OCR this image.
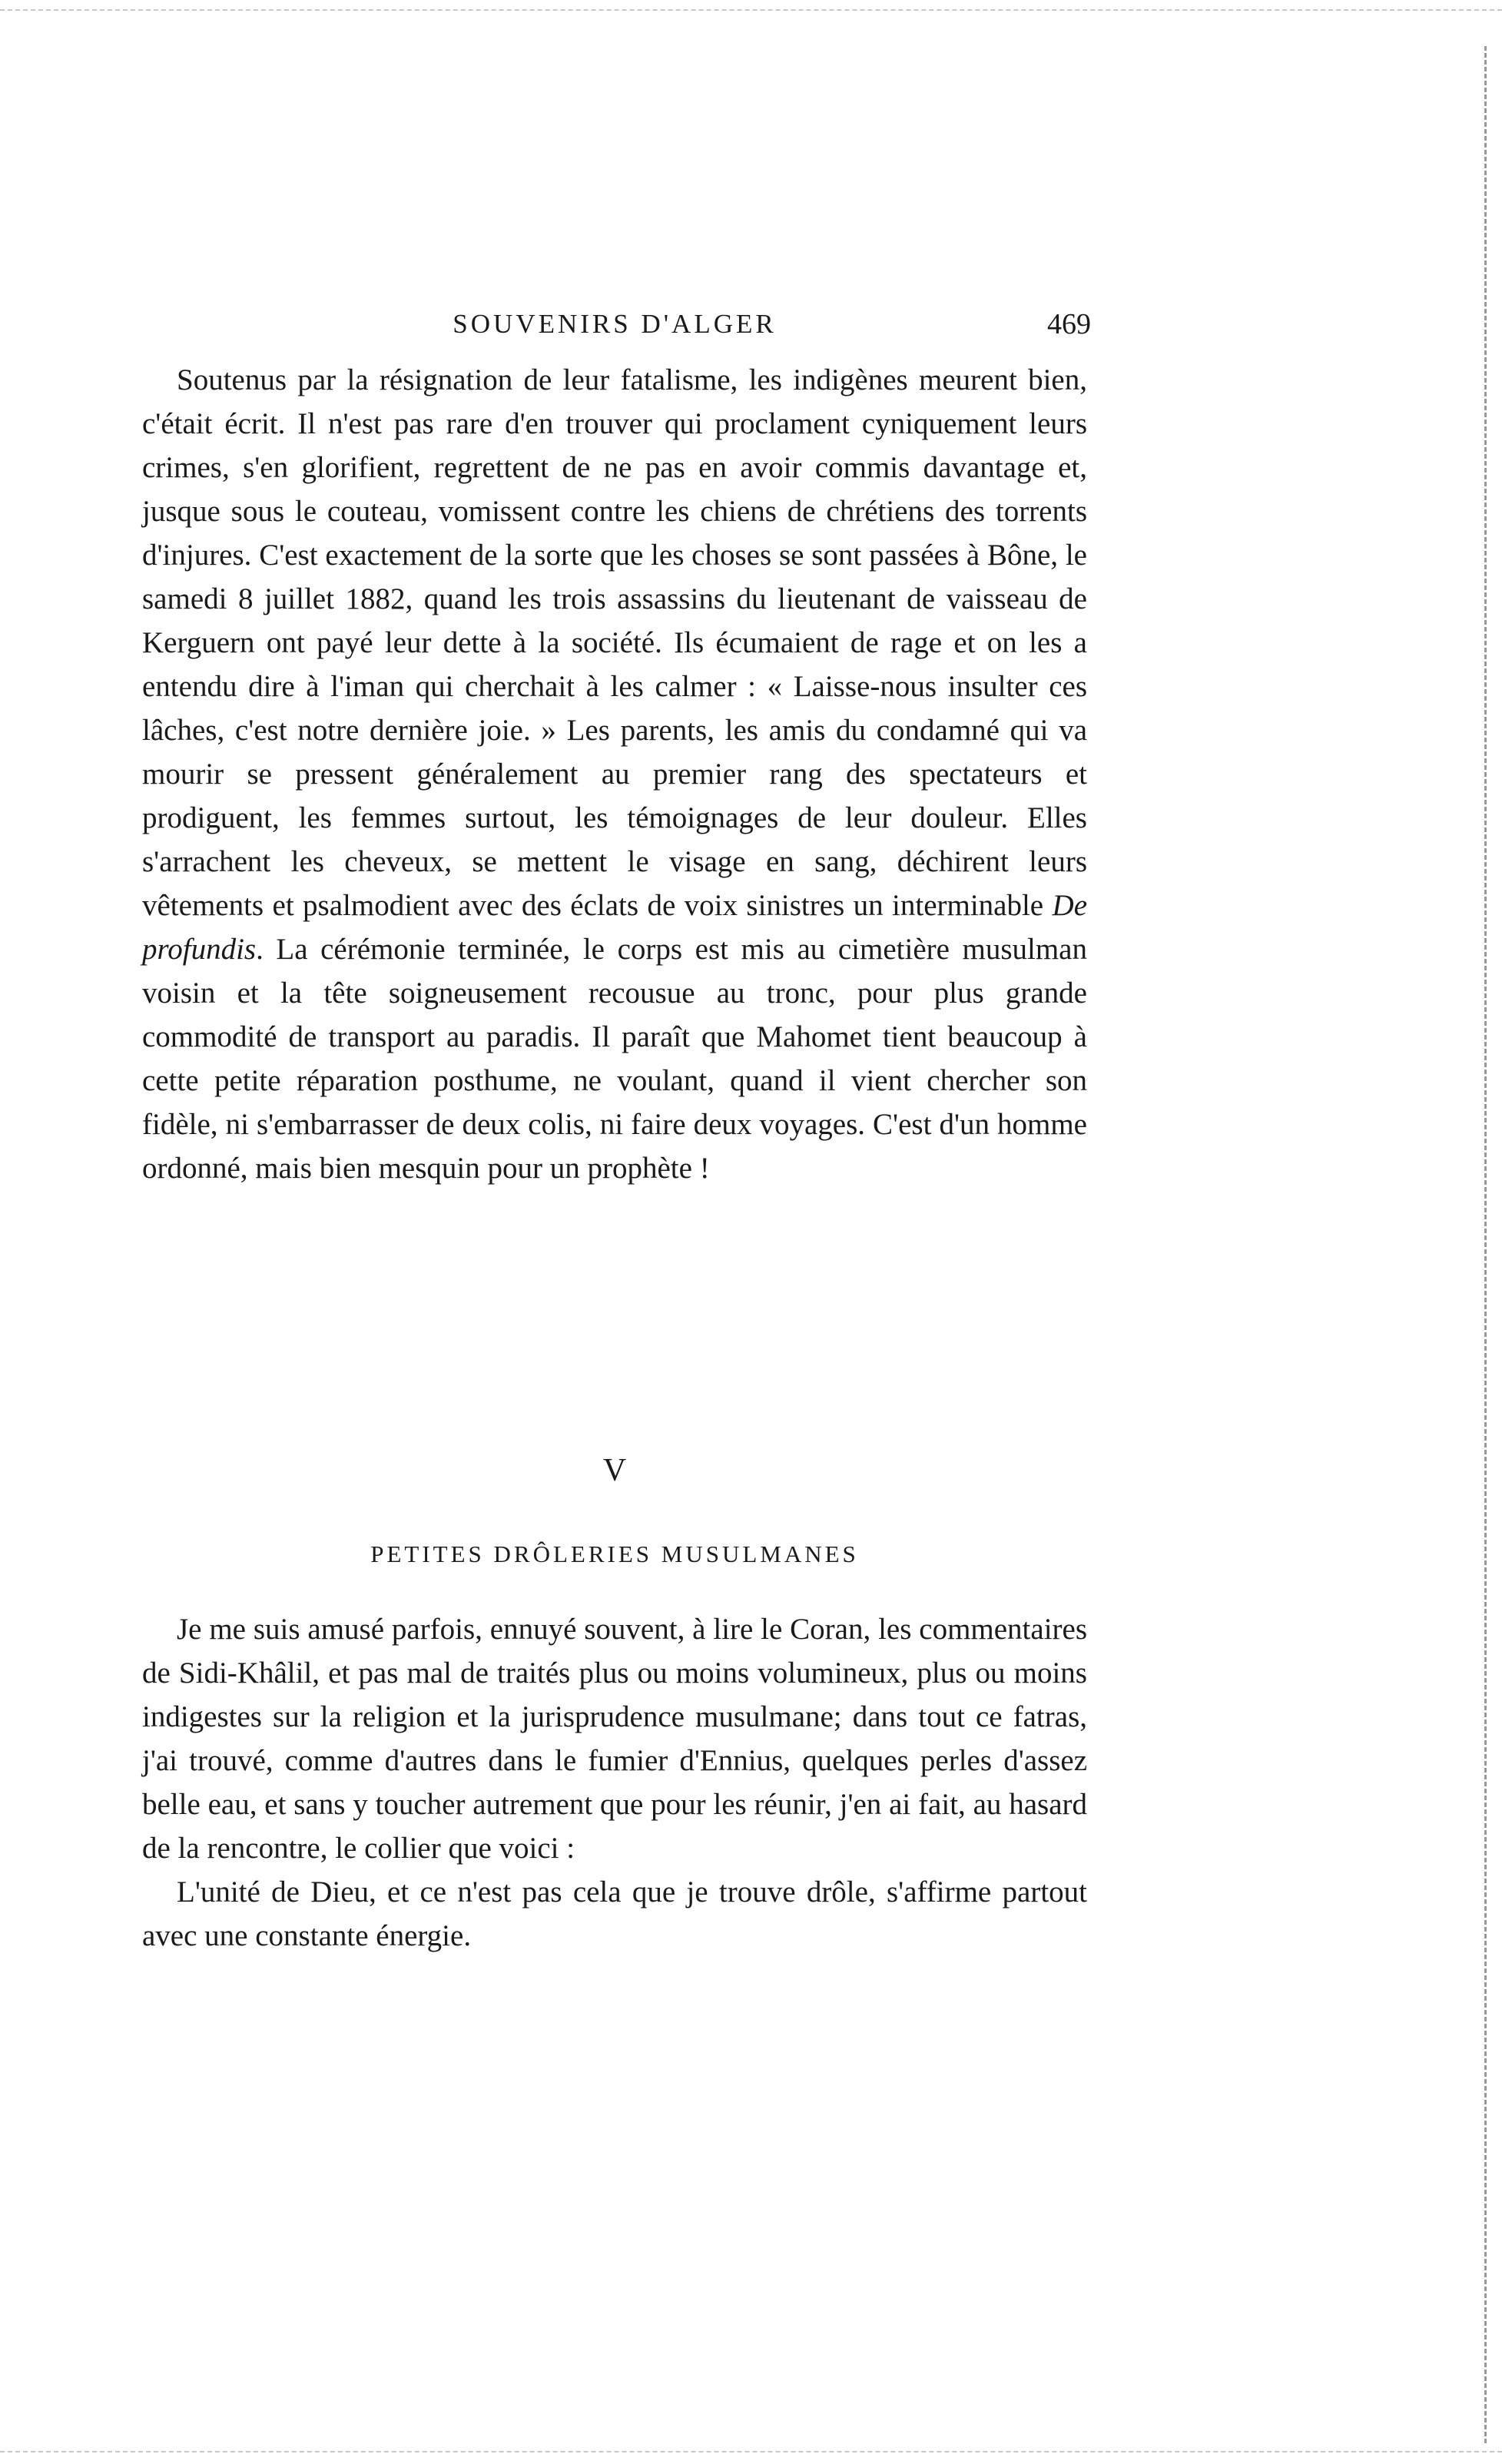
SOUVENIRS D'ALGER	469

Soutenus par la résignation de leur fatalisme, les indigènes meurent bien, c'était écrit. Il n'est pas rare d'en trouver qui proclament cyniquement leurs crimes, s'en glorifient, regrettent de ne pas en avoir commis davantage et, jusque sous le couteau, vomissent contre les chiens de chrétiens des torrents d'injures. C'est exactement de la sorte que les choses se sont passées à Bône, le samedi 8 juillet 1882, quand les trois assassins du lieutenant de vaisseau de Kerguern ont payé leur dette à la société. Ils écumaient de rage et on les a entendu dire à l'iman qui cherchait à les calmer : « Laisse-nous insulter ces lâches, c'est notre dernière joie. » Les parents, les amis du condamné qui va mourir se pressent généralement au premier rang des spectateurs et prodiguent, les femmes surtout, les témoignages de leur douleur. Elles s'arrachent les cheveux, se mettent le visage en sang, déchirent leurs vêtements et psalmodient avec des éclats de voix sinistres un interminable De profundis. La cérémonie terminée, le corps est mis au cimetière musulman voisin et la tête soigneusement recousue au tronc, pour plus grande commodité de transport au paradis. Il paraît que Mahomet tient beaucoup à cette petite réparation posthume, ne voulant, quand il vient chercher son fidèle, ni s'embarrasser de deux colis, ni faire deux voyages. C'est d'un homme ordonné, mais bien mesquin pour un prophète !

V
PETITES DRÔLERIES MUSULMANES

Je me suis amusé parfois, ennuyé souvent, à lire le Coran, les commentaires de Sidi-Khâlil, et pas mal de traités plus ou moins volumineux, plus ou moins indigestes sur la religion et la jurisprudence musulmane; dans tout ce fatras, j'ai trouvé, comme d'autres dans le fumier d'Ennius, quelques perles d'assez belle eau, et sans y toucher autrement que pour les réunir, j'en ai fait, au hasard de la rencontre, le collier que voici :

L'unité de Dieu, et ce n'est pas cela que je trouve drôle, s'affirme partout avec une constante énergie.
